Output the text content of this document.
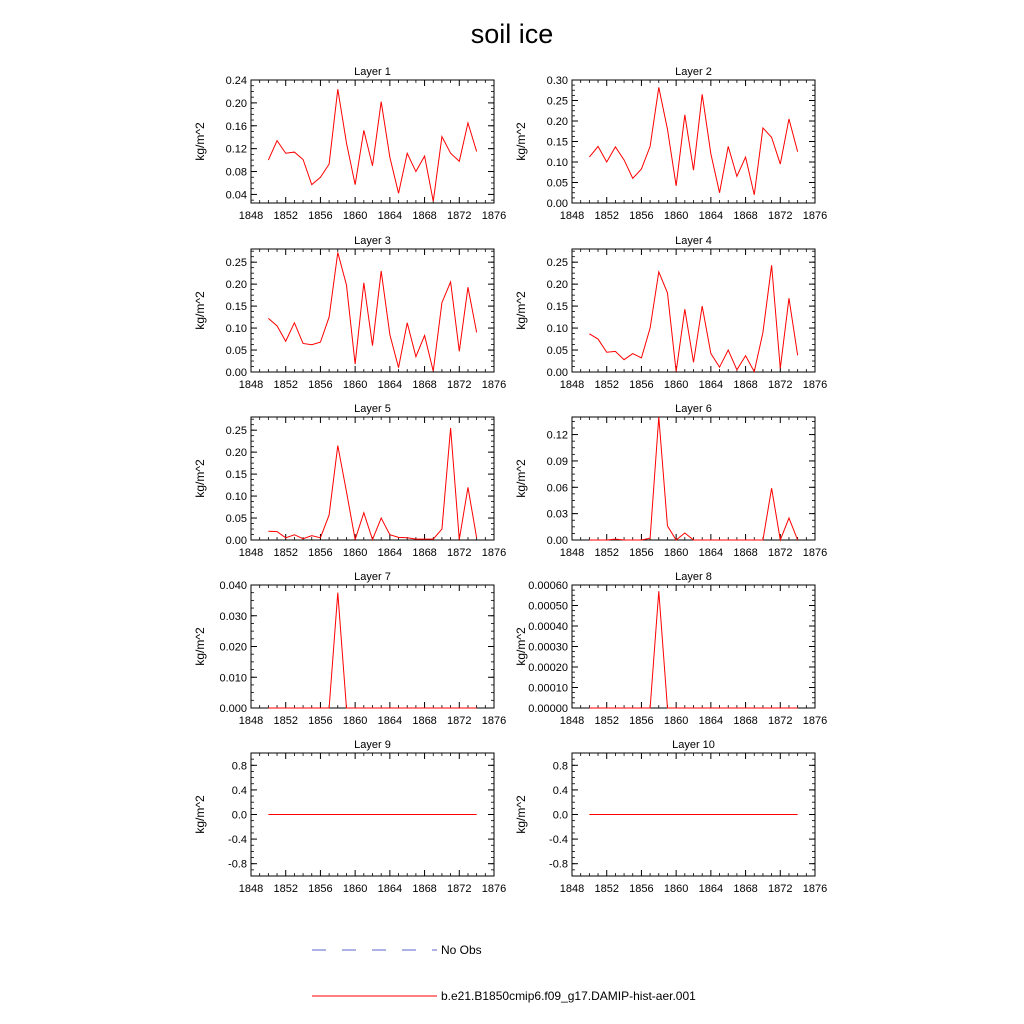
soil ice
Layer 1
1848 1852 1856 1860 1864 1868 1872 1876
0.04
0.08
0.12
0.16
0.20
0.24
kg/m^2
Layer 2
1848 1852 1856 1860 1864 1868 1872 1876
0.00
0.05
0.10
0.15
0.20
0.25
0.30
kg/m^2
Layer 3
1848 1852 1856 1860 1864 1868 1872 1876
0.00
0.05
0.10
0.15
0.20
0.25
kg/m^2
Layer 4
1848 1852 1856 1860 1864 1868 1872 1876
0.00
0.05
0.10
0.15
0.20
0.25
kg/m^2
Layer 5
1848 1852 1856 1860 1864 1868 1872 1876
0.00
0.05
0.10
0.15
0.20
0.25
kg/m^2
Layer 6
1848 1852 1856 1860 1864 1868 1872 1876
0.00
0.03
0.06
0.09
0.12
kg/m^2
Layer 7
1848 1852 1856 1860 1864 1868 1872 1876
0.000
0.010
0.020
0.030
0.040
kg/m^2
Layer 8
1848 1852 1856 1860 1864 1868 1872 1876
0.00000
0.00010
0.00020
0.00030
0.00040
0.00050
0.00060
kg/m^2
Layer 9
1848 1852 1856 1860 1864 1868 1872 1876
-0.8
-0.4
0.0
0.4
0.8
kg/m^2
Layer 10
1848 1852 1856 1860 1864 1868 1872 1876
-0.8
-0.4
0.0
0.4
0.8
kg/m^2
No Obs
b.e21.B1850cmip6.f09_g17.DAMIP-hist-aer.001
